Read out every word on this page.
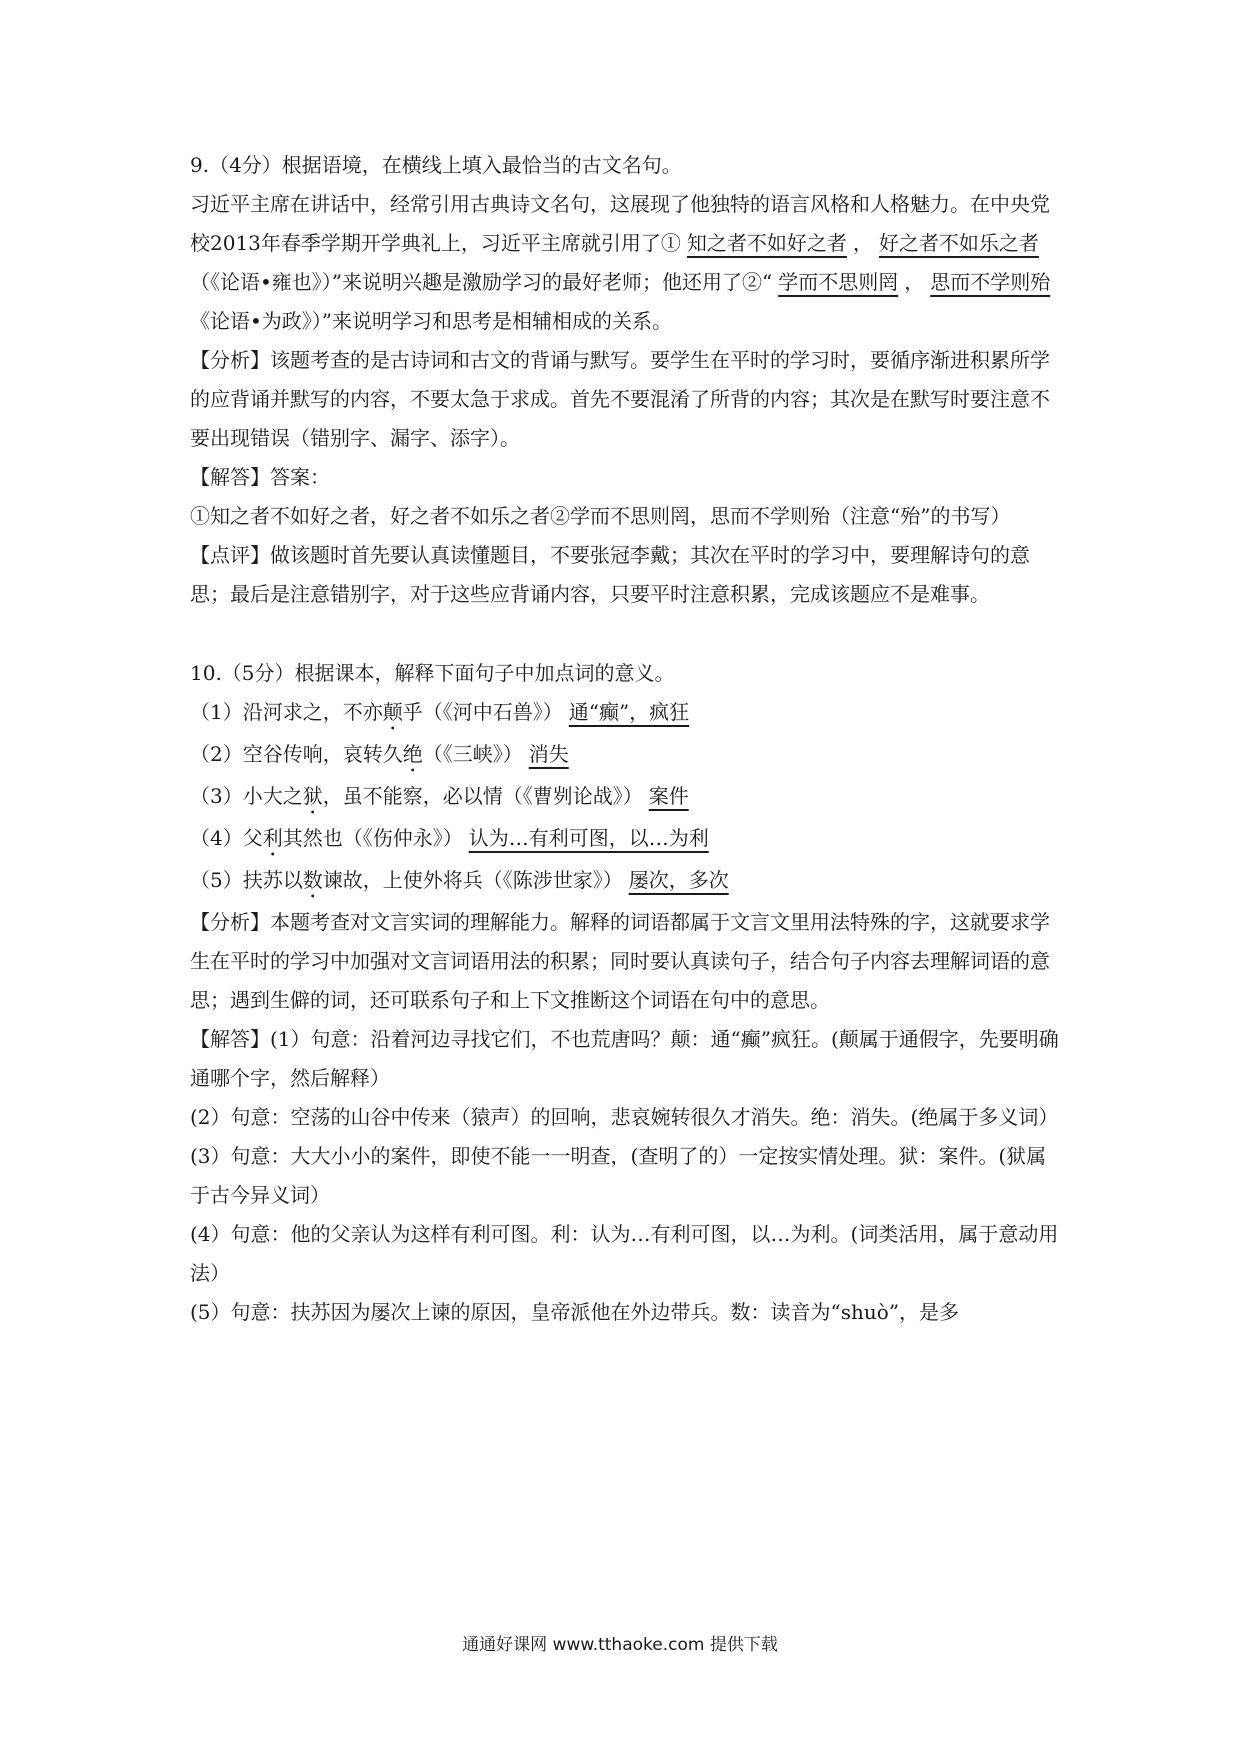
9.（4分）根据语境，在横线上填入最恰当的古文名句。

习近平主席在讲话中，经常引用古典诗文名句，这展现了他独特的语言风格和人格魅力。在中央党校2013年春季学期开学典礼上，习近平主席就引用了① 知之者不如好之者 ， 好之者不如乐之者（《论语•雍也》）”来说明兴趣是激励学习的最好老师；他还用了②“ 学而不思则罔 ， 思而不学则殆《论语•为政》）”来说明学习和思考是相辅相成的关系。

【分析】该题考查的是古诗词和古文的背诵与默写。要学生在平时的学习时，要循序渐进积累所学的应背诵并默写的内容，不要太急于求成。首先不要混淆了所背的内容；其次是在默写时要注意不要出现错误（错别字、漏字、添字）。

【解答】答案：

①知之者不如好之者，好之者不如乐之者②学而不思则罔，思而不学则殆（注意“殆”的书写）

【点评】做该题时首先要认真读懂题目，不要张冠李戴；其次在平时的学习中，要理解诗句的意思；最后是注意错别字，对于这些应背诵内容，只要平时注意积累，完成该题应不是难事。

10.（5分）根据课本，解释下面句子中加点词的意义。

（1）沿河求之，不亦颠乎（《河中石兽》） 通“癫”，疯狂

（2）空谷传响，哀转久绝（《三峡》） 消失

（3）小大之狱，虽不能察，必以情（《曹刿论战》） 案件

（4）父利其然也（《伤仲永》） 认为…有利可图，以…为利

（5）扶苏以数谏故，上使外将兵（《陈涉世家》） 屡次，多次

【分析】本题考查对文言实词的理解能力。解释的词语都属于文言文里用法特殊的字，这就要求学生在平时的学习中加强对文言词语用法的积累；同时要认真读句子，结合句子内容去理解词语的意思；遇到生僻的词，还可联系句子和上下文推断这个词语在句中的意思。

【解答】(1）句意：沿着河边寻找它们，不也荒唐吗？颠：通“癫”疯狂。(颠属于通假字，先要明确通哪个字，然后解释）

(2）句意：空荡的山谷中传来（猿声）的回响，悲哀婉转很久才消失。绝：消失。(绝属于多义词）

(3）句意：大大小小的案件，即使不能一一明查，(查明了的）一定按实情处理。狱：案件。(狱属于古今异义词）

(4）句意：他的父亲认为这样有利可图。利：认为…有利可图，以…为利。(词类活用，属于意动用法）

(5）句意：扶苏因为屡次上谏的原因，皇帝派他在外边带兵。数：读音为“shuò”，是多

通通好课网 www.tthaoke.com 提供下载
